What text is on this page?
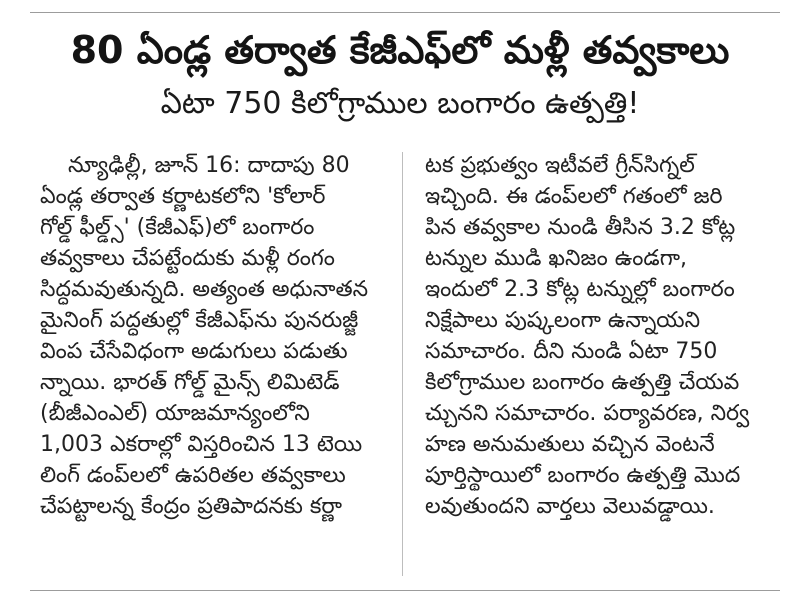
80 ఏండ్ల తర్వాత కేజీఎఫ్‌లో మళ్లీ తవ్వకాలు
ఏటా 750 కిలోగ్రాముల బంగారం ఉత్పత్తి!
న్యూఢిల్లీ, జూన్ 16: దాదాపు 80
ఏండ్ల తర్వాత కర్ణాటకలోని 'కోలార్
గోల్డ్ ఫీల్డ్స్' (కేజీఎఫ్)లో బంగారం
తవ్వకాలు చేపట్టేందుకు మళ్లీ రంగం
సిద్ధమవుతున్నది. అత్యంత అధునాతన
మైనింగ్ పద్ధతుల్లో కేజీఎఫ్‌ను పునరుజ్జీ
వింప చేసేవిధంగా అడుగులు పడుతు
న్నాయి. భారత్ గోల్డ్ మైన్స్ లిమిటెడ్
(బీజీఎంఎల్) యాజమాన్యంలోని
1,003 ఎకరాల్లో విస్తరించిన 13 టెయి
లింగ్ డంప్‌లలో ఉపరితల తవ్వకాలు
చేపట్టాలన్న కేంద్రం ప్రతిపాదనకు కర్ణా
టక ప్రభుత్వం ఇటీవలే గ్రీన్‌సిగ్నల్
ఇచ్చింది. ఈ డంప్‌లలో గతంలో జరి
పిన తవ్వకాల నుండి తీసిన 3.2 కోట్ల
టన్నుల ముడి ఖనిజం ఉండగా,
ఇందులో 2.3 కోట్ల టన్నుల్లో బంగారం
నిక్షేపాలు పుష్కలంగా ఉన్నాయని
సమాచారం. దీని నుండి ఏటా 750
కిలోగ్రాముల బంగారం ఉత్పత్తి చేయవ
చ్చునని సమాచారం. పర్యావరణ, నిర్వ
హణ అనుమతులు వచ్చిన వెంటనే
పూర్తిస్థాయిలో బంగారం ఉత్పత్తి మొద
లవుతుందని వార్తలు వెలువడ్డాయి.
